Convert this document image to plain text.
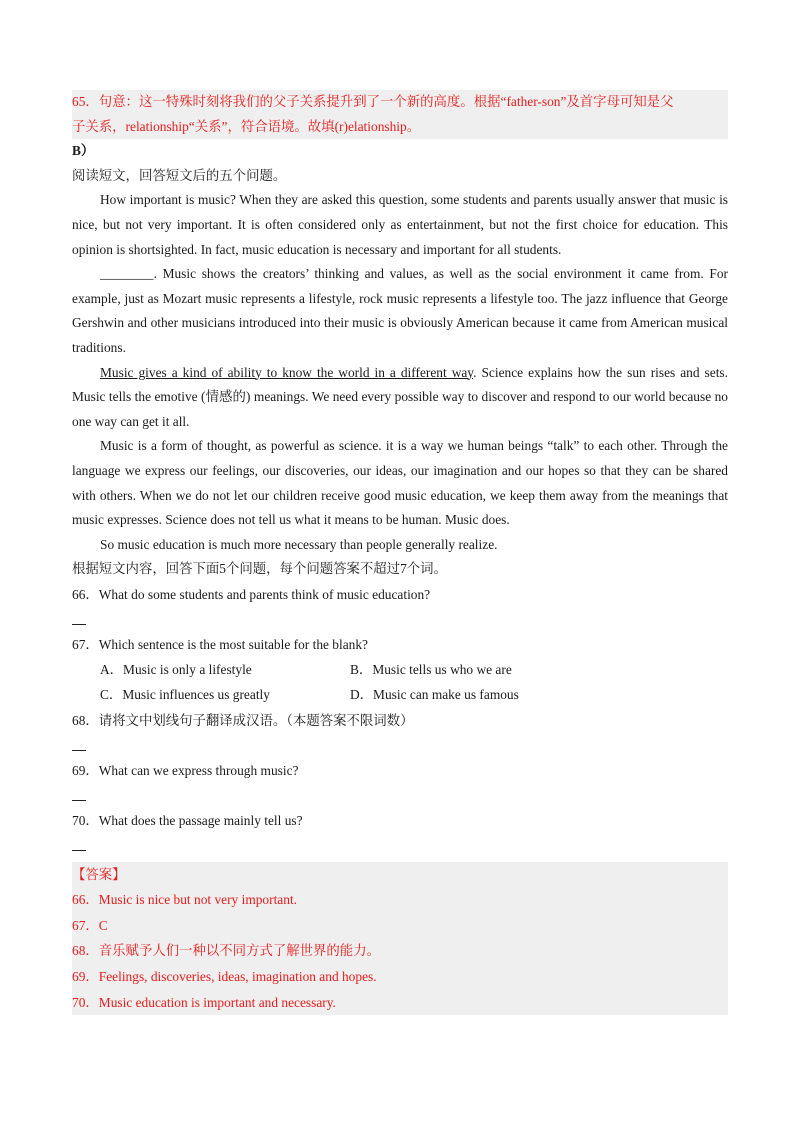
65．句意：这一特殊时刻将我们的父子关系提升到了一个新的高度。根据“father-son”及首字母可知是父
子关系，relationship“关系”，符合语境。故填(r)elationship。
B）
阅读短文，回答短文后的五个问题。
How important is music? When they are asked this question, some students and parents usually answer that music is nice, but not very important. It is often considered only as entertainment, but not the first choice for education. This opinion is shortsighted. In fact, music education is necessary and important for all students.
________. Music shows the creators’ thinking and values, as well as the social environment it came from. For example, just as Mozart music represents a lifestyle, rock music represents a lifestyle too. The jazz influence that George Gershwin and other musicians introduced into their music is obviously American because it came from American musical traditions.
Music gives a kind of ability to know the world in a different way. Science explains how the sun rises and sets. Music tells the emotive (情感的) meanings. We need every possible way to discover and respond to our world because no one way can get it all.
Music is a form of thought, as powerful as science. it is a way we human beings “talk” to each other. Through the language we express our feelings, our discoveries, our ideas, our imagination and our hopes so that they can be shared with others. When we do not let our children receive good music education, we keep them away from the meanings that music expresses. Science does not tell us what it means to be human. Music does.
So music education is much more necessary than people generally realize.
根据短文内容，回答下面5个问题，每个问题答案不超过7个词。
66．What do some students and parents think of music education?
67．Which sentence is the most suitable for the blank?
A．Music is only a lifestyle	B．Music tells us who we are
C．Music influences us greatly	D．Music can make us famous
68．请将文中划线句子翻译成汉语。（本题答案不限词数）
69．What can we express through music?
70．What does the passage mainly tell us?
【答案】
66．Music is nice but not very important.
67．C
68．音乐赋予人们一种以不同方式了解世界的能力。
69．Feelings, discoveries, ideas, imagination and hopes.
70．Music education is important and necessary.
